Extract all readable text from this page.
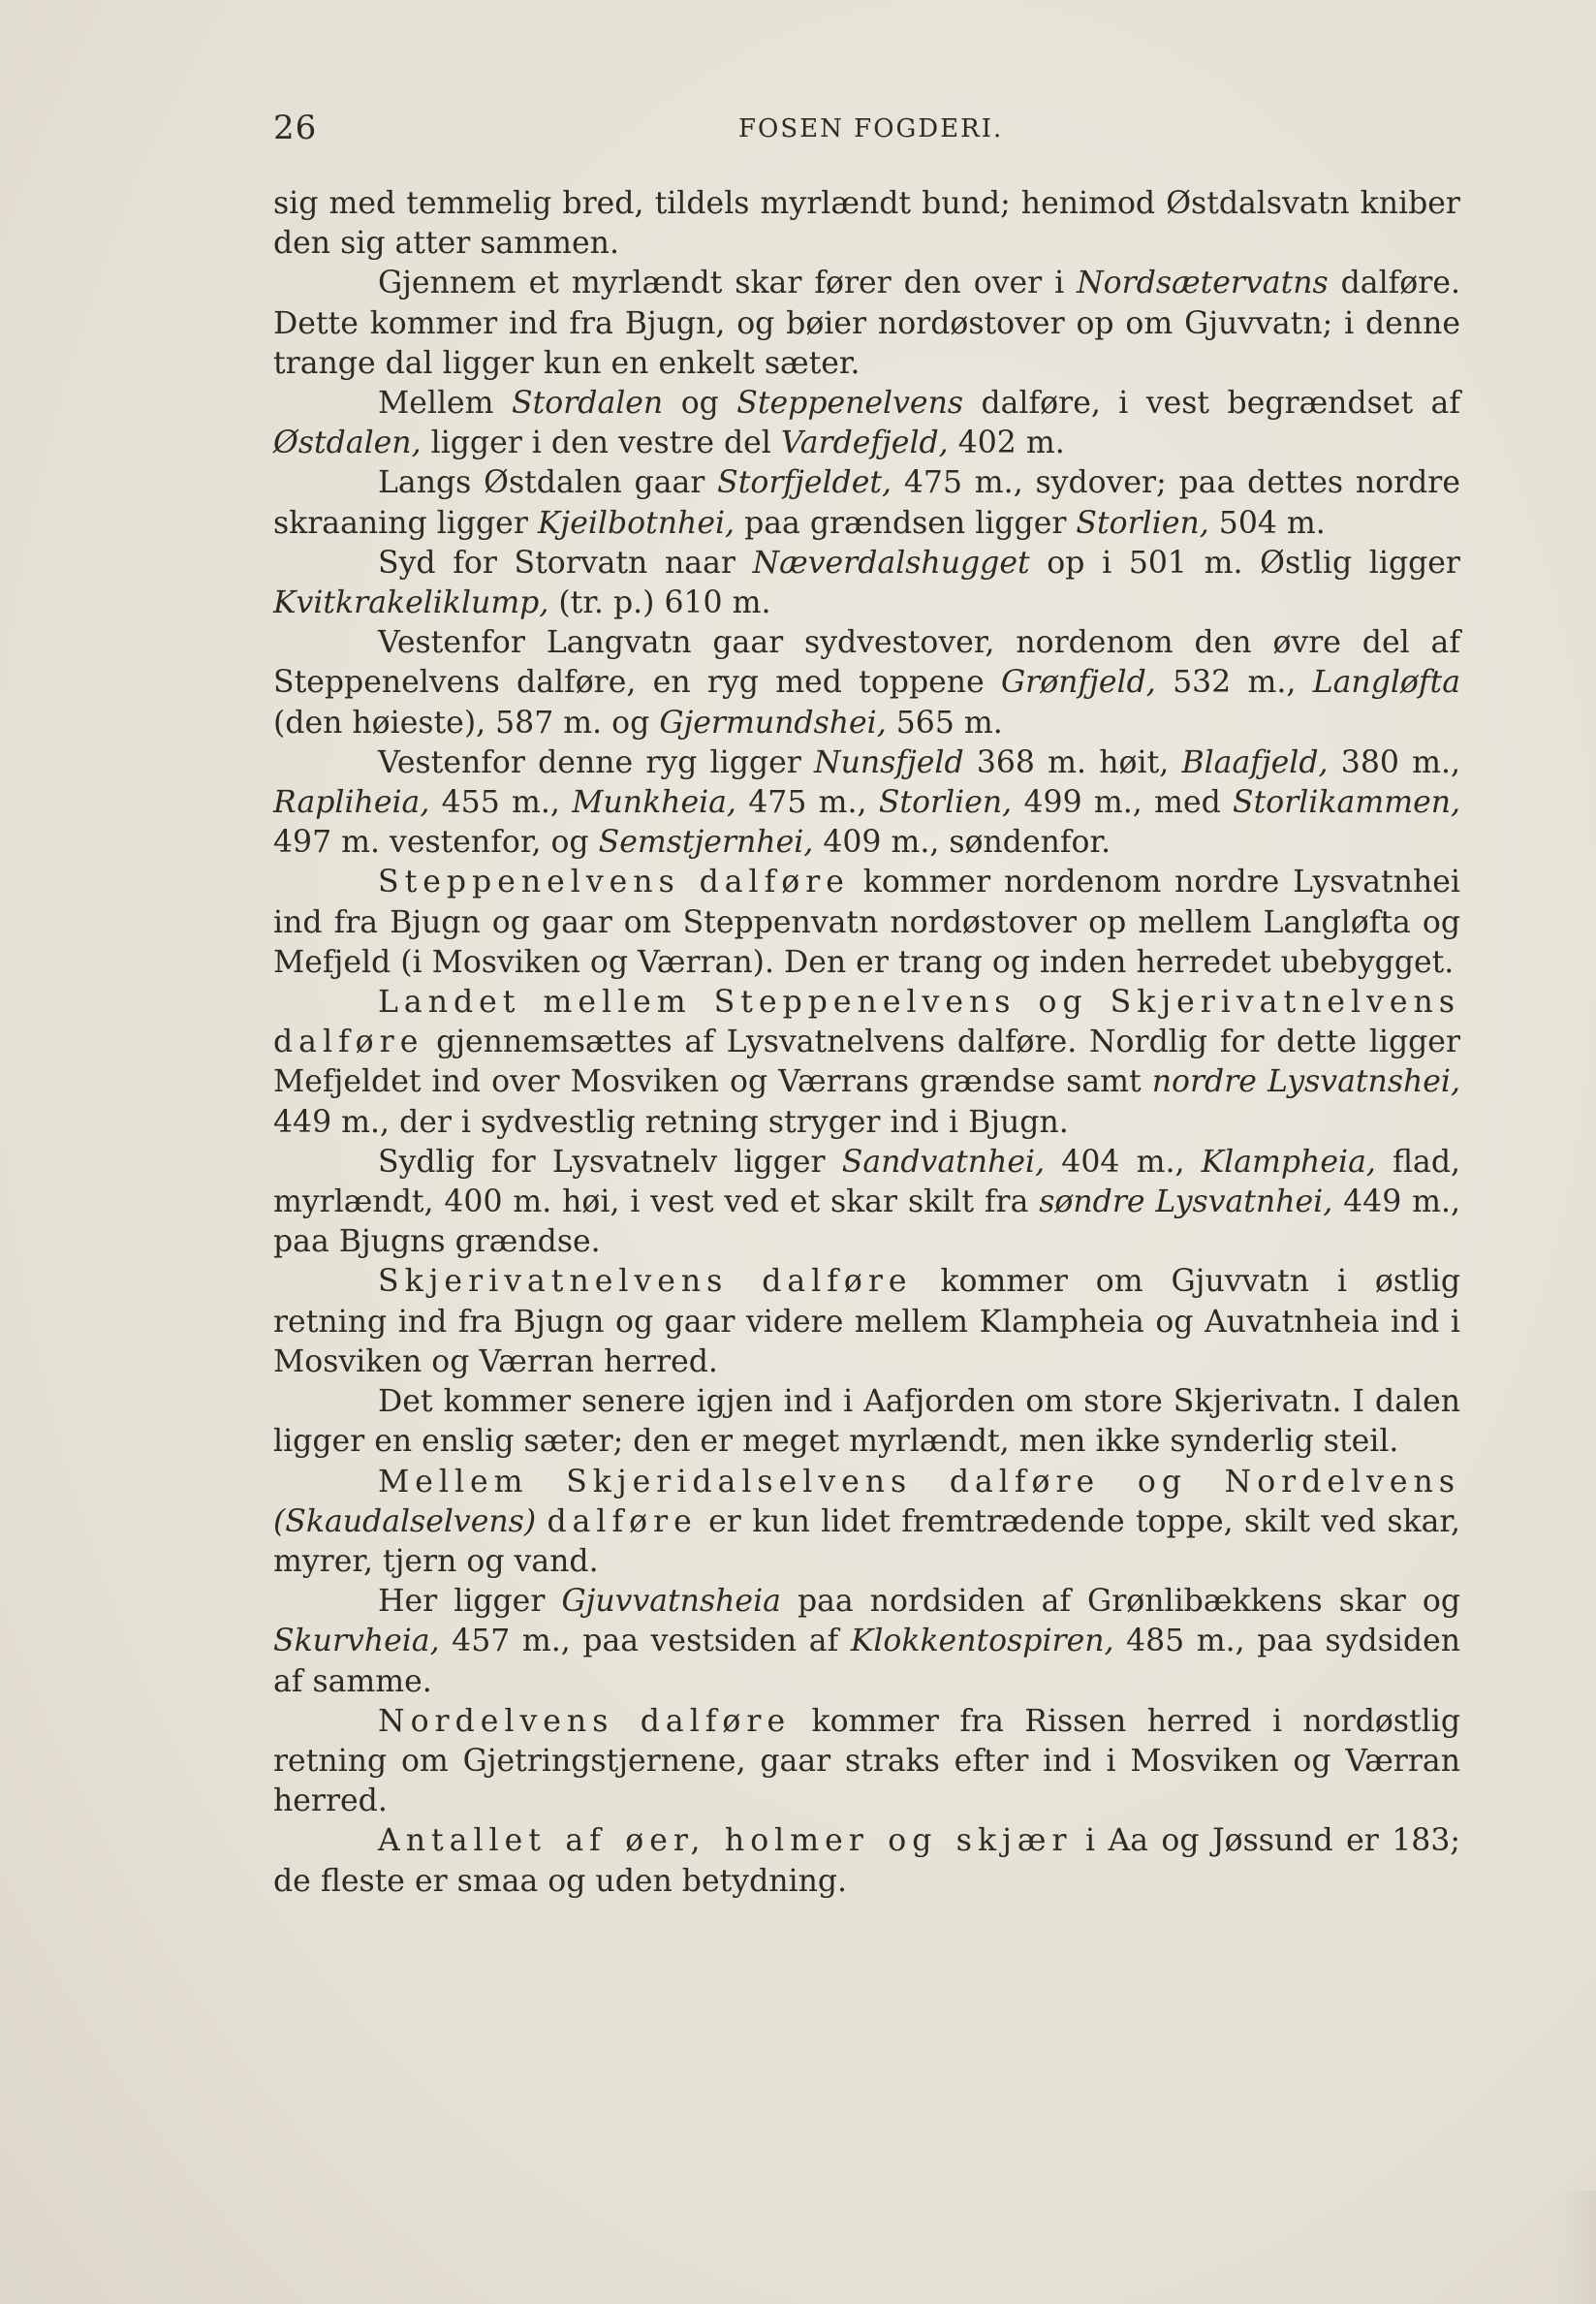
26	FOSEN FOGDERI.

sig med temmelig bred, tildels myrlændt bund; henimod Østdalsvatn kniber den sig atter sammen.

Gjennem et myrlændt skar fører den over i Nordsætervatns dalføre. Dette kommer ind fra Bjugn, og bøier nordøstover op om Gjuvvatn; i denne trange dal ligger kun en enkelt sæter.

Mellem Stordalen og Steppenelvens dalføre, i vest begrændset af Østdalen, ligger i den vestre del Vardefjeld, 402 m.

Langs Østdalen gaar Storfjeldet, 475 m., sydover; paa dettes nordre skraaning ligger Kjeilbotnhei, paa grændsen ligger Storlien, 504 m.

Syd for Storvatn naar Næverdalshugget op i 501 m. Østlig ligger Kvitkrakeliklump, (tr. p.) 610 m.

Vestenfor Langvatn gaar sydvestover, nordenom den øvre del af Steppenelvens dalføre, en ryg med toppene Grønfjeld, 532 m., Langløfta (den høieste), 587 m. og Gjermundshei, 565 m.

Vestenfor denne ryg ligger Nunsfjeld 368 m. høit, Blaafjeld, 380 m., Rapliheia, 455 m., Munkheia, 475 m., Storlien, 499 m., med Storlikammen, 497 m. vestenfor, og Semstjernhei, 409 m., søndenfor.

Steppenelvens dalføre kommer nordenom nordre Lysvatnhei ind fra Bjugn og gaar om Steppenvatn nordøstover op mellem Langløfta og Mefjeld (i Mosviken og Værran). Den er trang og inden herredet ubebygget.

Landet mellem Steppenelvens og Skjerivatnelvens dalføre gjennemsættes af Lysvatnelvens dalføre. Nordlig for dette ligger Mefjeldet ind over Mosviken og Værrans grændse samt nordre Lysvatnshei, 449 m., der i sydvestlig retning stryger ind i Bjugn.

Sydlig for Lysvatnelv ligger Sandvatnhei, 404 m., Klampheia, flad, myrlændt, 400 m. høi, i vest ved et skar skilt fra søndre Lysvatnhei, 449 m., paa Bjugns grændse.

Skjerivatnelvens dalføre kommer om Gjuvvatn i østlig retning ind fra Bjugn og gaar videre mellem Klampheia og Auvatnheia ind i Mosviken og Værran herred.

Det kommer senere igjen ind i Aafjorden om store Skjerivatn. I dalen ligger en enslig sæter; den er meget myrlændt, men ikke synderlig steil.

Mellem Skjeridalselvens dalføre og Nordelvens (Skaudalselvens) dalføre er kun lidet fremtrædende toppe, skilt ved skar, myrer, tjern og vand.

Her ligger Gjuvvatnsheia paa nordsiden af Grønlibækkens skar og Skurvheia, 457 m., paa vestsiden af Klokkentospiren, 485 m., paa sydsiden af samme.

Nordelvens dalføre kommer fra Rissen herred i nordøstlig retning om Gjetringstjernene, gaar straks efter ind i Mosviken og Værran herred.

Antallet af øer, holmer og skjær i Aa og Jøssund er 183; de fleste er smaa og uden betydning.
